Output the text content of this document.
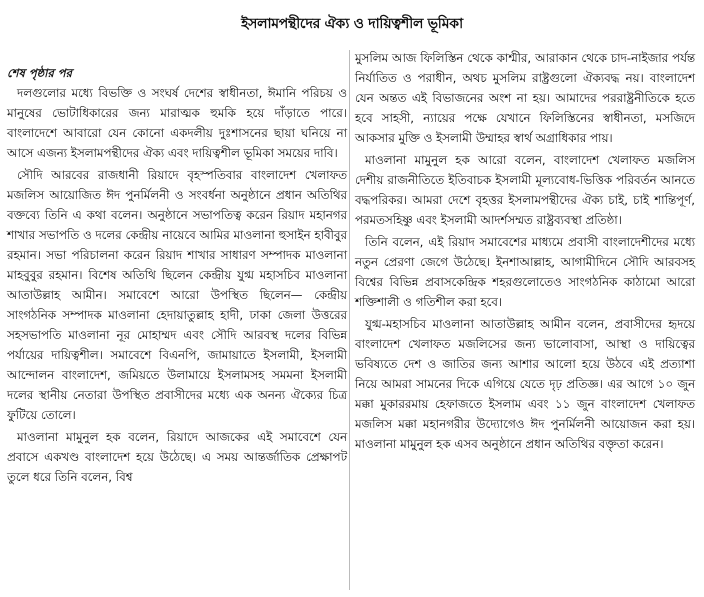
ইসলামপন্থীদের ঐক্য ও দায়িত্বশীল ভূমিকা
শেষ পৃষ্ঠার পর

দলগুলোর মধ্যে বিভক্তি ও সংঘর্ষ দেশের স্বাধীনতা, ঈমানি পরিচয় ও মানুষের ভোটাধিকারের জন্য মারাত্মক হুমকি হয়ে দাঁড়াতে পারে। বাংলাদেশে আবারো যেন কোনো একদলীয় দুঃশাসনের ছায়া ঘনিয়ে না আসে এজন্য ইসলামপন্থীদের ঐক্য এবং দায়িত্বশীল ভূমিকা সময়ের দাবি।

সৌদি আরবের রাজধানী রিয়াদে বৃহস্পতিবার বাংলাদেশ খেলাফত মজলিস আয়োজিত ঈদ পুনর্মিলনী ও সংবর্ধনা অনুষ্ঠানে প্রধান অতিথির বক্তব্যে তিনি এ কথা বলেন। অনুষ্ঠানে সভাপতিত্ব করেন রিয়াদ মহানগর শাখার সভাপতি ও দলের কেন্দ্রীয় নায়েবে আমির মাওলানা হুসাইন হাবীবুর রহমান। সভা পরিচালনা করেন রিয়াদ শাখার সাধারণ সম্পাদক মাওলানা মাহবুবুর রহমান। বিশেষ অতিথি ছিলেন কেন্দ্রীয় যুগ্ম মহাসচিব মাওলানা আতাউল্লাহ আমীন। সমাবেশে আরো উপস্থিত ছিলেন— কেন্দ্রীয় সাংগঠনিক সম্পাদক মাওলানা হেদায়াতুল্লাহ হাদী, ঢাকা জেলা উত্তরের সহসভাপতি মাওলানা নূর মোহাম্মদ এবং সৌদি আরবস্থ দলের বিভিন্ন পর্যায়ের দায়িত্বশীল। সমাবেশে বিএনপি, জামায়াতে ইসলামী, ইসলামী আন্দোলন বাংলাদেশ, জমিয়তে উলামায়ে ইসলামসহ সমমনা ইসলামী দলের স্থানীয় নেতারা উপস্থিত প্রবাসীদের মধ্যে এক অনন্য ঐক্যের চিত্র ফুটিয়ে তোলে।

মাওলানা মামুনুল হক বলেন, রিয়াদে আজকের এই সমাবেশে যেন প্রবাসে একখণ্ড বাংলাদেশ হয়ে উঠেছে। এ সময় আন্তর্জাতিক প্রেক্ষাপট তুলে ধরে তিনি বলেন, বিশ্ব

মুসলিম আজ ফিলিস্তিন থেকে কাশ্মীর, আরাকান থেকে চাদ-নাইজার পর্যন্ত নির্যাতিত ও পরাধীন, অথচ মুসলিম রাষ্ট্রগুলো ঐক্যবদ্ধ নয়। বাংলাদেশ যেন অন্তত এই বিভাজনের অংশ না হয়। আমাদের পররাষ্ট্রনীতিকে হতে হবে সাহসী, ন্যায়ের পক্ষে যেখানে ফিলিস্তিনের স্বাধীনতা, মসজিদে আকসার মুক্তি ও ইসলামী উম্মাহর স্বার্থ অগ্রাধিকার পায়।

মাওলানা মামুনুল হক আরো বলেন, বাংলাদেশ খেলাফত মজলিস দেশীয় রাজনীতিতে ইতিবাচক ইসলামী মূল্যবোধ-ভিত্তিক পরিবর্তন আনতে বদ্ধপরিকর। আমরা দেশে বৃহত্তর ইসলামপন্থীদের ঐক্য চাই, চাই শান্তিপূর্ণ, পরমতসহিষ্ণু এবং ইসলামী আদর্শসম্মত রাষ্ট্রব্যবস্থা প্রতিষ্ঠা।

তিনি বলেন, এই রিয়াদ সমাবেশের মাধ্যমে প্রবাসী বাংলাদেশীদের মধ্যে নতুন প্রেরণা জেগে উঠেছে। ইনশাআল্লাহ, আগামীদিনে সৌদি আরবসহ বিশ্বের বিভিন্ন প্রবাসকেন্দ্রিক শহরগুলোতেও সাংগঠনিক কাঠামো আরো শক্তিশালী ও গতিশীল করা হবে।

যুগ্ম-মহাসচিব মাওলানা আতাউল্লাহ আমীন বলেন, প্রবাসীদের হৃদয়ে বাংলাদেশ খেলাফত মজলিসের জন্য ভালোবাসা, আস্থা ও দায়িত্বের ভবিষ্যতে দেশ ও জাতির জন্য আশার আলো হয়ে উঠবে এই প্রত্যাশা নিয়ে আমরা সামনের দিকে এগিয়ে যেতে দৃঢ় প্রতিজ্ঞ। এর আগে ১০ জুন মক্কা মুকাররমায় হেফাজতে ইসলাম এবং ১১ জুন বাংলাদেশ খেলাফত মজলিস মক্কা মহানগরীর উদ্যোগেও ঈদ পুনর্মিলনী আয়োজন করা হয়। মাওলানা মামুনুল হক এসব অনুষ্ঠানে প্রধান অতিথির বক্তৃতা করেন।
